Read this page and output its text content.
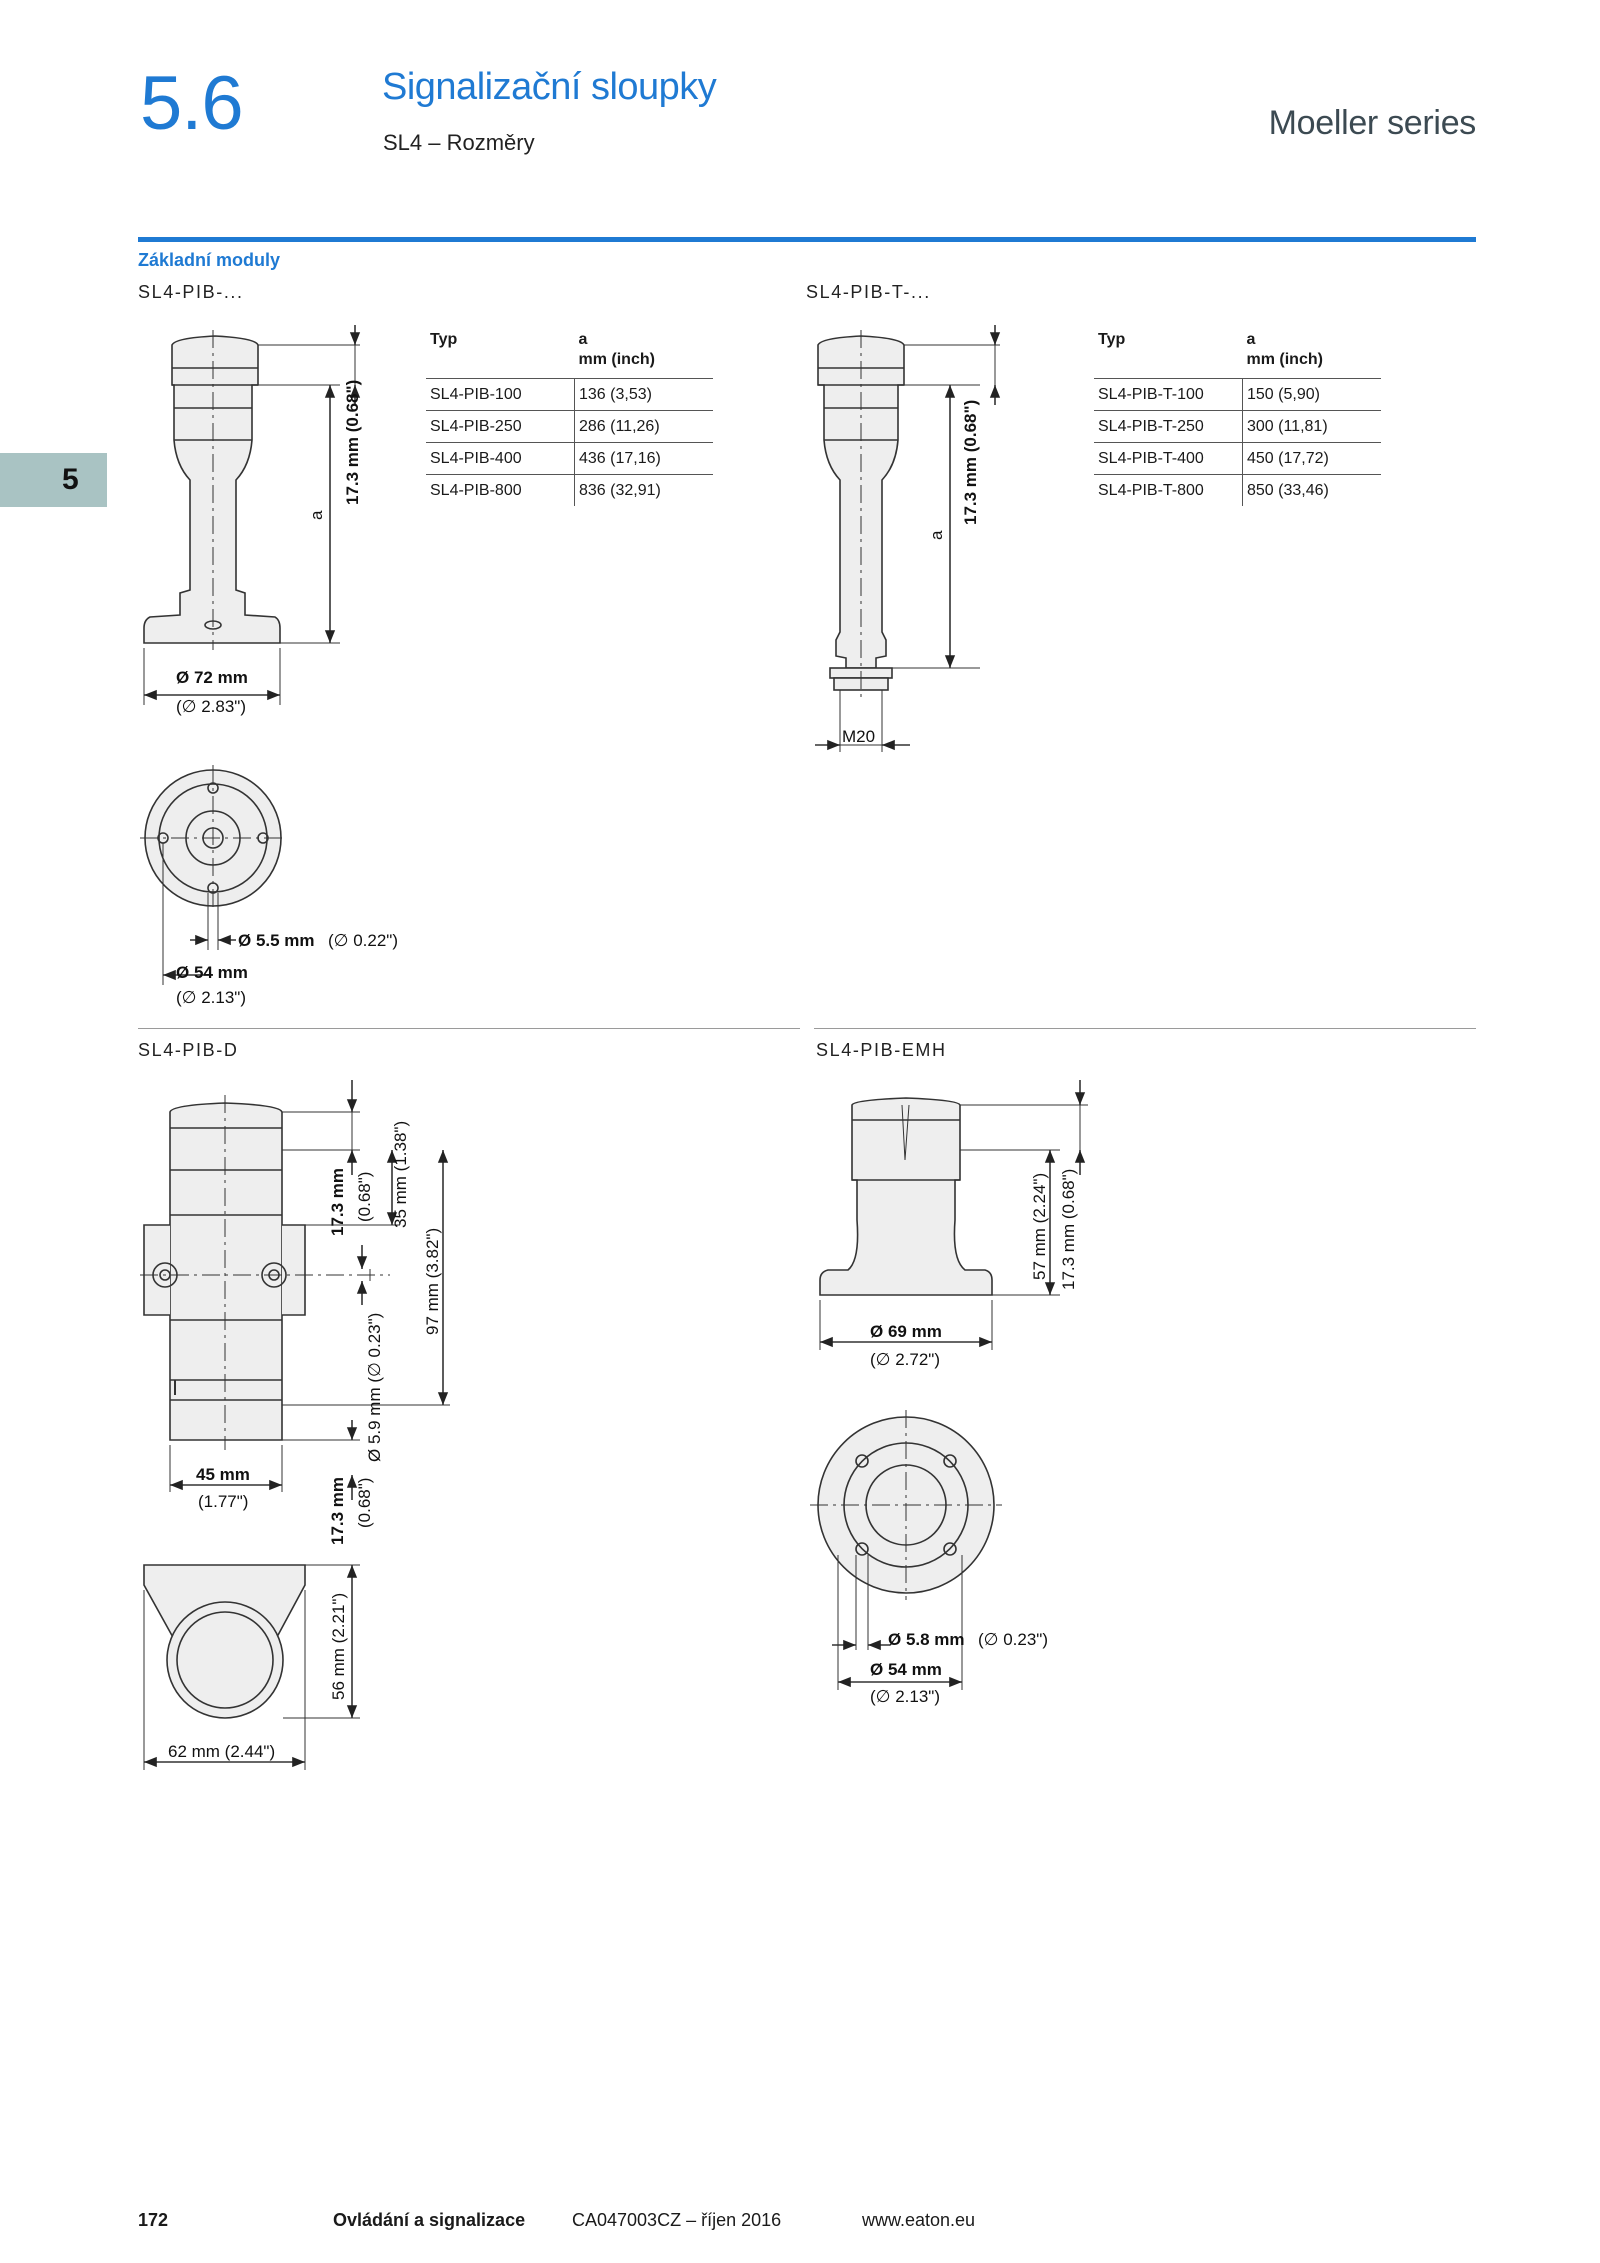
5.6	Signalizační sloupky
SL4 – Rozměry
Moeller series
5
Základní moduly
SL4-PIB-...	SL4-PIB-T-...
SL4-PIB-D	SL4-PIB-EMH
Typ	a
mm (inch)
SL4-PIB-100	136 (3,53)
SL4-PIB-250	286 (11,26)
SL4-PIB-400	436 (17,16)
SL4-PIB-800	836 (32,91)
Typ	a
mm (inch)
SL4-PIB-T-100	150 (5,90)
SL4-PIB-T-250	300 (11,81)
SL4-PIB-T-400	450 (17,72)
SL4-PIB-T-800	850 (33,46)
17.3 mm (0.68")
a
Ø 72 mm
(∅ 2.83")
Ø 5.5 mm (∅ 0.22")
Ø 54 mm
(∅ 2.13")
17.3 mm (0.68")
a
M20
17.3 mm (0.68") 35 mm (1.38")
97 mm (3.82")
Ø 5.9 mm (∅ 0.23")
45 mm
(1.77")	17.3 mm (0.68")
56 mm (2.21")
62 mm (2.44")
57 mm (2.24") 17.3 mm (0.68")
Ø 69 mm
(∅ 2.72")
Ø 5.8 mm (∅ 0.23")
Ø 54 mm
(∅ 2.13")
172	Ovládání a signalizace	CA047003CZ – říjen 2016	www.eaton.eu
